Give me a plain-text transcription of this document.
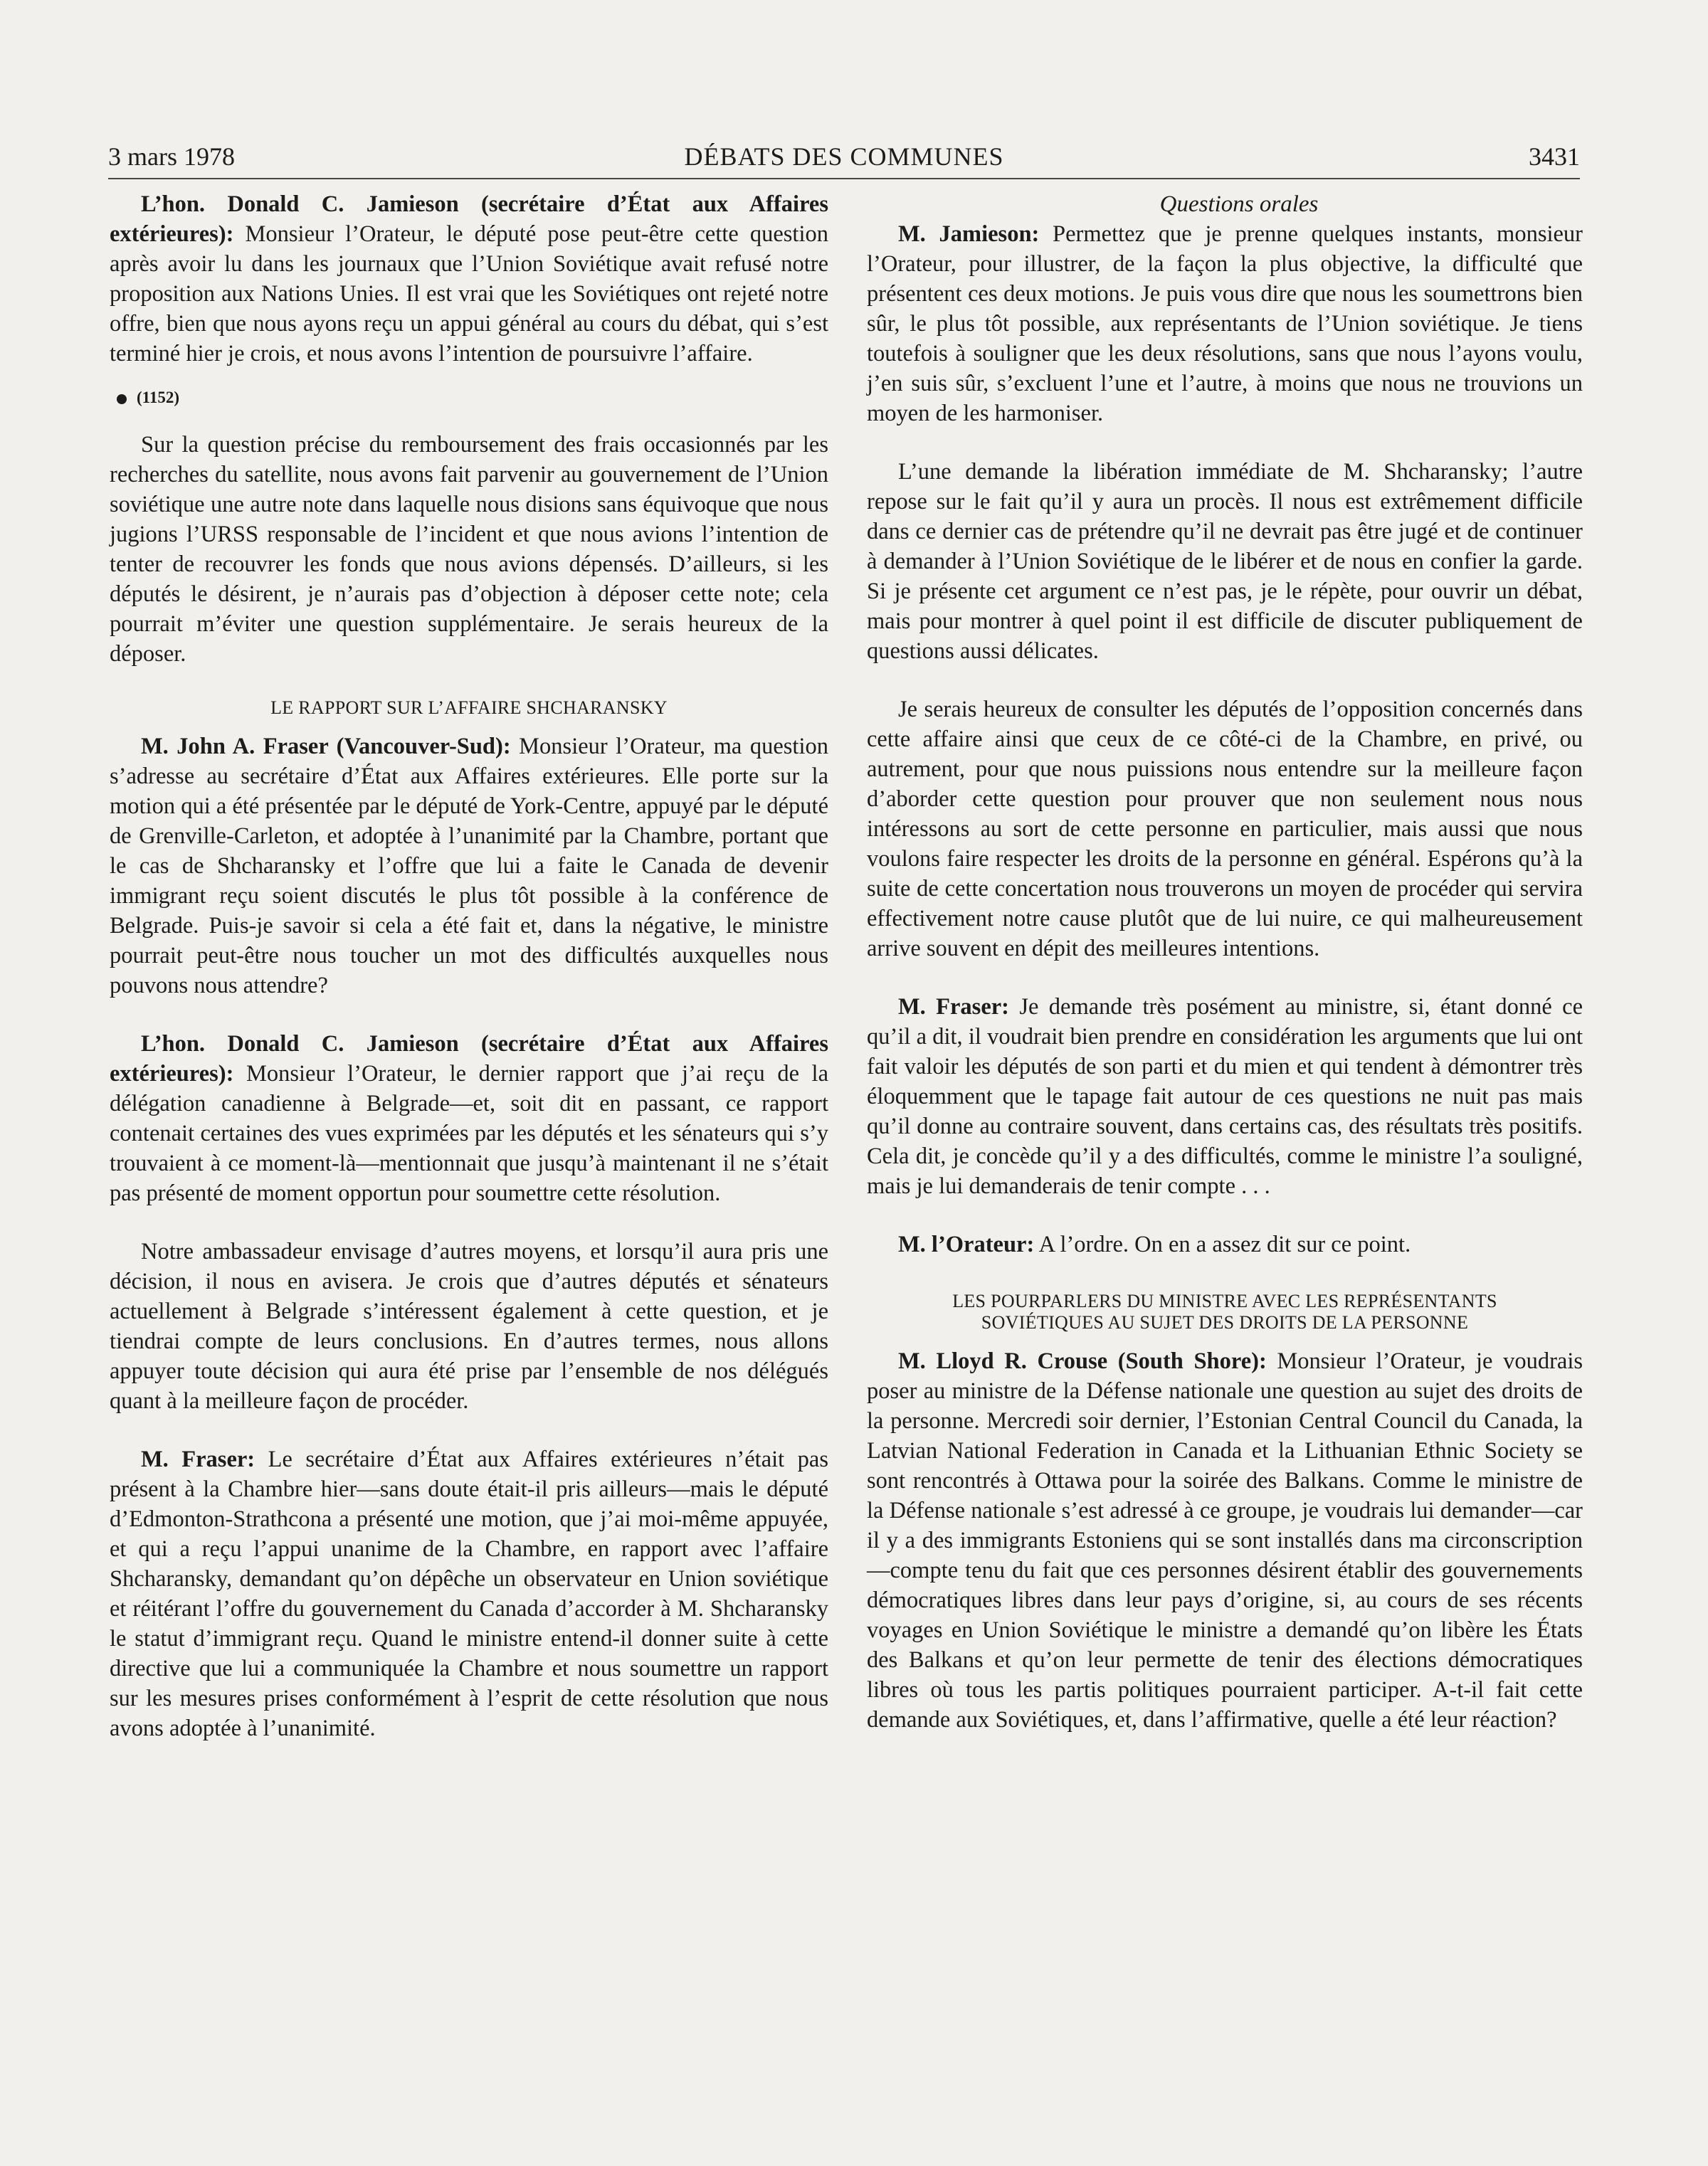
3 mars 1978	DÉBATS DES COMMUNES	3431

L’hon. Donald C. Jamieson (secrétaire d’État aux Affaires extérieures): Monsieur l’Orateur, le député pose peut-être cette question après avoir lu dans les journaux que l’Union Soviétique avait refusé notre proposition aux Nations Unies. Il est vrai que les Soviétiques ont rejeté notre offre, bien que nous ayons reçu un appui général au cours du débat, qui s’est terminé hier je crois, et nous avons l’intention de poursuivre l’affaire.

(1152)

Sur la question précise du remboursement des frais occasionnés par les recherches du satellite, nous avons fait parvenir au gouvernement de l’Union soviétique une autre note dans laquelle nous disions sans équivoque que nous jugions l’URSS responsable de l’incident et que nous avions l’intention de tenter de recouvrer les fonds que nous avions dépensés. D’ailleurs, si les députés le désirent, je n’aurais pas d’objection à déposer cette note; cela pourrait m’éviter une question supplémentaire. Je serais heureux de la déposer.

LE RAPPORT SUR L’AFFAIRE SHCHARANSKY

M. John A. Fraser (Vancouver-Sud): Monsieur l’Orateur, ma question s’adresse au secrétaire d’État aux Affaires extérieures. Elle porte sur la motion qui a été présentée par le député de York-Centre, appuyé par le député de Grenville-Carleton, et adoptée à l’unanimité par la Chambre, portant que le cas de Shcharansky et l’offre que lui a faite le Canada de devenir immigrant reçu soient discutés le plus tôt possible à la conférence de Belgrade. Puis-je savoir si cela a été fait et, dans la négative, le ministre pourrait peut-être nous toucher un mot des difficultés auxquelles nous pouvons nous attendre?

L’hon. Donald C. Jamieson (secrétaire d’État aux Affaires extérieures): Monsieur l’Orateur, le dernier rapport que j’ai reçu de la délégation canadienne à Belgrade—et, soit dit en passant, ce rapport contenait certaines des vues exprimées par les députés et les sénateurs qui s’y trouvaient à ce moment-là—mentionnait que jusqu’à maintenant il ne s’était pas présenté de moment opportun pour soumettre cette résolution.

Notre ambassadeur envisage d’autres moyens, et lorsqu’il aura pris une décision, il nous en avisera. Je crois que d’autres députés et sénateurs actuellement à Belgrade s’intéressent également à cette question, et je tiendrai compte de leurs conclusions. En d’autres termes, nous allons appuyer toute décision qui aura été prise par l’ensemble de nos délégués quant à la meilleure façon de procéder.

M. Fraser: Le secrétaire d’État aux Affaires extérieures n’était pas présent à la Chambre hier—sans doute était-il pris ailleurs—mais le député d’Edmonton-Strathcona a présenté une motion, que j’ai moi-même appuyée, et qui a reçu l’appui unanime de la Chambre, en rapport avec l’affaire Shcharansky, demandant qu’on dépêche un observateur en Union soviétique et réitérant l’offre du gouvernement du Canada d’accorder à M. Shcharansky le statut d’immigrant reçu. Quand le ministre entend-il donner suite à cette directive que lui a communiquée la Chambre et nous soumettre un rapport sur les mesures prises conformément à l’esprit de cette résolution que nous avons adoptée à l’unanimité.

Questions orales

M. Jamieson: Permettez que je prenne quelques instants, monsieur l’Orateur, pour illustrer, de la façon la plus objective, la difficulté que présentent ces deux motions. Je puis vous dire que nous les soumettrons bien sûr, le plus tôt possible, aux représentants de l’Union soviétique. Je tiens toutefois à souligner que les deux résolutions, sans que nous l’ayons voulu, j’en suis sûr, s’excluent l’une et l’autre, à moins que nous ne trouvions un moyen de les harmoniser.

L’une demande la libération immédiate de M. Shcharansky; l’autre repose sur le fait qu’il y aura un procès. Il nous est extrêmement difficile dans ce dernier cas de prétendre qu’il ne devrait pas être jugé et de continuer à demander à l’Union Soviétique de le libérer et de nous en confier la garde. Si je présente cet argument ce n’est pas, je le répète, pour ouvrir un débat, mais pour montrer à quel point il est difficile de discuter publiquement de questions aussi délicates.

Je serais heureux de consulter les députés de l’opposition concernés dans cette affaire ainsi que ceux de ce côté-ci de la Chambre, en privé, ou autrement, pour que nous puissions nous entendre sur la meilleure façon d’aborder cette question pour prouver que non seulement nous nous intéressons au sort de cette personne en particulier, mais aussi que nous voulons faire respecter les droits de la personne en général. Espérons qu’à la suite de cette concertation nous trouverons un moyen de procéder qui servira effectivement notre cause plutôt que de lui nuire, ce qui malheureusement arrive souvent en dépit des meilleures intentions.

M. Fraser: Je demande très posément au ministre, si, étant donné ce qu’il a dit, il voudrait bien prendre en considération les arguments que lui ont fait valoir les députés de son parti et du mien et qui tendent à démontrer très éloquemment que le tapage fait autour de ces questions ne nuit pas mais qu’il donne au contraire souvent, dans certains cas, des résultats très positifs. Cela dit, je concède qu’il y a des difficultés, comme le ministre l’a souligné, mais je lui demanderais de tenir compte . . .

M. l’Orateur: A l’ordre. On en a assez dit sur ce point.

LES POURPARLERS DU MINISTRE AVEC LES REPRÉSENTANTS SOVIÉTIQUES AU SUJET DES DROITS DE LA PERSONNE

M. Lloyd R. Crouse (South Shore): Monsieur l’Orateur, je voudrais poser au ministre de la Défense nationale une question au sujet des droits de la personne. Mercredi soir dernier, l’Estonian Central Council du Canada, la Latvian National Federation in Canada et la Lithuanian Ethnic Society se sont rencontrés à Ottawa pour la soirée des Balkans. Comme le ministre de la Défense nationale s’est adressé à ce groupe, je voudrais lui demander—car il y a des immigrants Estoniens qui se sont installés dans ma circonscription—compte tenu du fait que ces personnes désirent établir des gouvernements démocratiques libres dans leur pays d’origine, si, au cours de ses récents voyages en Union Soviétique le ministre a demandé qu’on libère les États des Balkans et qu’on leur permette de tenir des élections démocratiques libres où tous les partis politiques pourraient participer. A-t-il fait cette demande aux Soviétiques, et, dans l’affirmative, quelle a été leur réaction?
